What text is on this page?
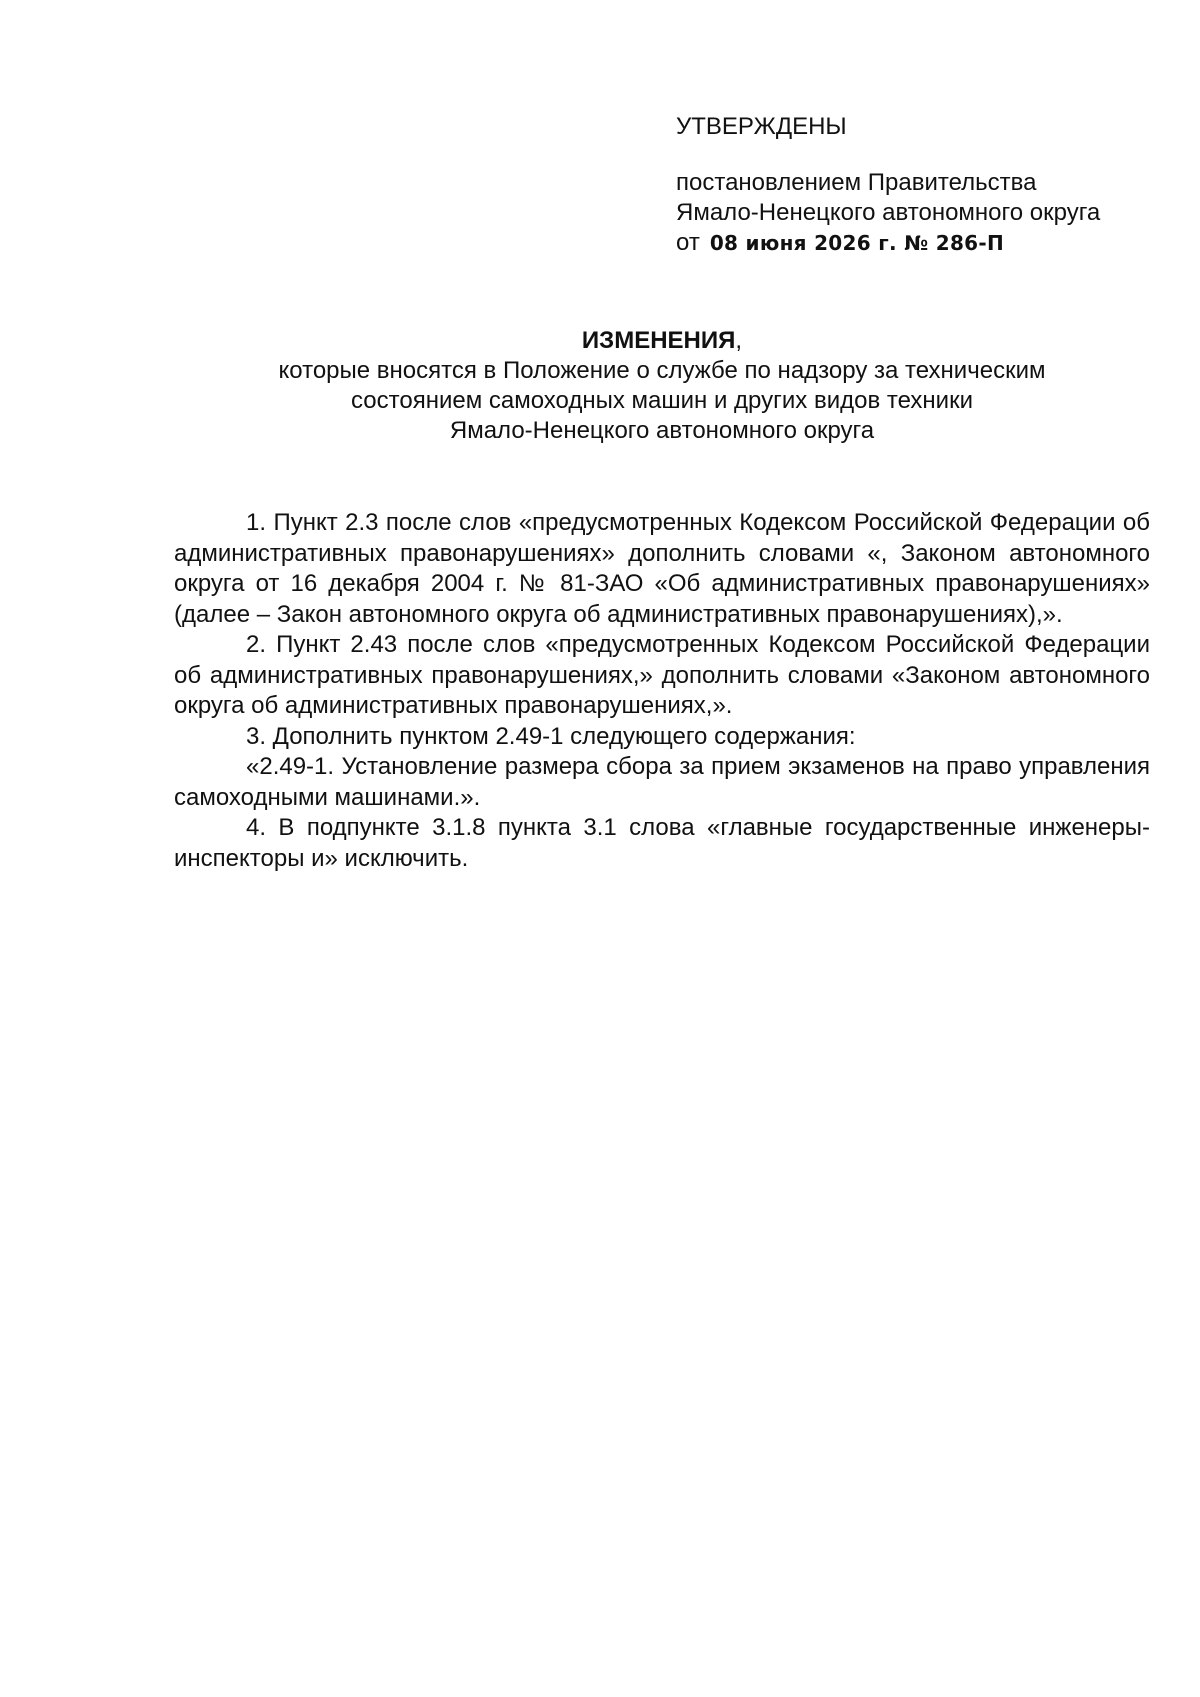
УТВЕРЖДЕНЫ

постановлением Правительства

Ямало-Ненецкого автономного округа

от 08 июня 2026 г. № 286-П

ИЗМЕНЕНИЯ,

которые вносятся в Положение о службе по надзору за техническим

состоянием самоходных машин и других видов техники

Ямало-Ненецкого автономного округа

1. Пункт 2.3 после слов «предусмотренных Кодексом Российской Федерации об административных правонарушениях» дополнить словами «, Законом автономного округа от 16 декабря 2004 г. № 81-ЗАО «Об административных правонарушениях» (далее – Закон автономного округа об административных правонарушениях),».

2. Пункт 2.43 после слов «предусмотренных Кодексом Российской Федерации об административных правонарушениях,» дополнить словами «Законом автономного округа об административных правонарушениях,».

3. Дополнить пунктом 2.49-1 следующего содержания:

«2.49-1. Установление размера сбора за прием экзаменов на право управления самоходными машинами.».

4. В подпункте 3.1.8 пункта 3.1 слова «главные государственные инженеры-инспекторы и» исключить.
